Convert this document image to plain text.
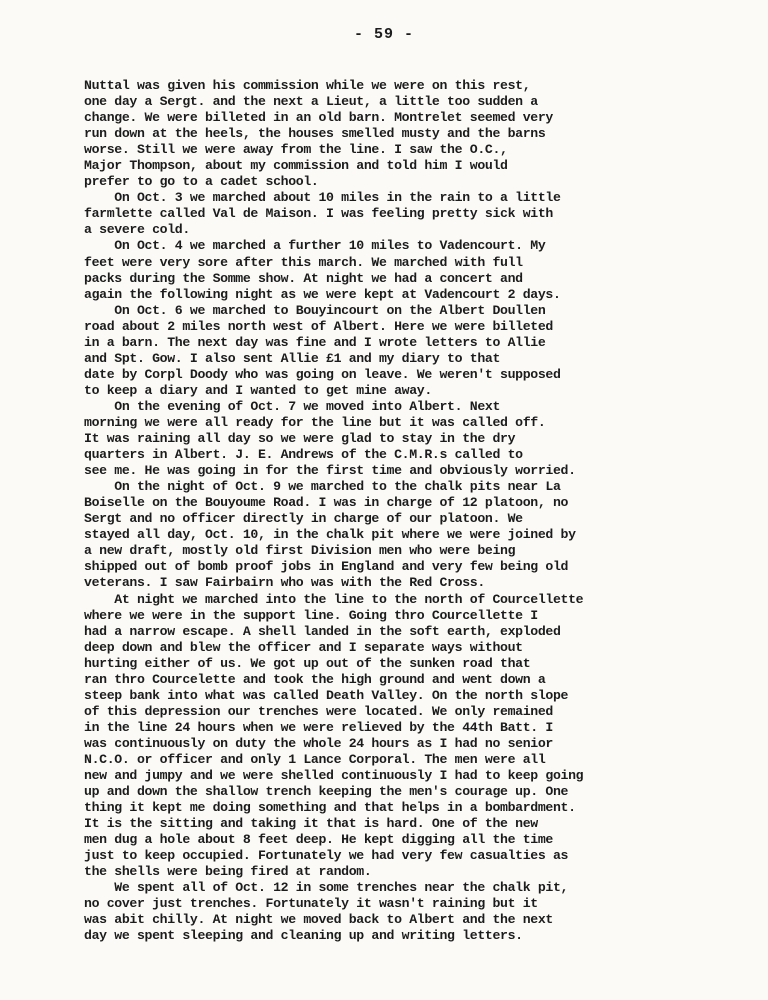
- 59 -
Nuttal was given his commission while we were on this rest,
one day a Sergt. and the next a Lieut, a little too sudden a
change. We were billeted in an old barn. Montrelet seemed very
run down at the heels, the houses smelled musty and the barns
worse. Still we were away from the line. I saw the O.C.,
Major Thompson, about my commission and told him I would
prefer to go to a cadet school.
On Oct. 3 we marched about 10 miles in the rain to a little
farmlette called Val de Maison. I was feeling pretty sick with
a severe cold.
On Oct. 4 we marched a further 10 miles to Vadencourt. My
feet were very sore after this march. We marched with full
packs during the Somme show. At night we had a concert and
again the following night as we were kept at Vadencourt 2 days.
On Oct. 6 we marched to Bouyincourt on the Albert Doullen
road about 2 miles north west of Albert. Here we were billeted
in a barn. The next day was fine and I wrote letters to Allie
and Spt. Gow. I also sent Allie £1 and my diary to that
date by Corpl Doody who was going on leave. We weren't supposed
to keep a diary and I wanted to get mine away.
On the evening of Oct. 7 we moved into Albert. Next
morning we were all ready for the line but it was called off.
It was raining all day so we were glad to stay in the dry
quarters in Albert. J. E. Andrews of the C.M.R.s called to
see me. He was going in for the first time and obviously worried.
On the night of Oct. 9 we marched to the chalk pits near La
Boiselle on the Bouyoume Road. I was in charge of 12 platoon, no
Sergt and no officer directly in charge of our platoon. We
stayed all day, Oct. 10, in the chalk pit where we were joined by
a new draft, mostly old first Division men who were being
shipped out of bomb proof jobs in England and very few being old
veterans. I saw Fairbairn who was with the Red Cross.
At night we marched into the line to the north of Courcellette
where we were in the support line. Going thro Courcellette I
had a narrow escape. A shell landed in the soft earth, exploded
deep down and blew the officer and I separate ways without
hurting either of us. We got up out of the sunken road that
ran thro Courcelette and took the high ground and went down a
steep bank into what was called Death Valley. On the north slope
of this depression our trenches were located. We only remained
in the line 24 hours when we were relieved by the 44th Batt. I
was continuously on duty the whole 24 hours as I had no senior
N.C.O. or officer and only 1 Lance Corporal. The men were all
new and jumpy and we were shelled continuously I had to keep going
up and down the shallow trench keeping the men's courage up. One
thing it kept me doing something and that helps in a bombardment.
It is the sitting and taking it that is hard. One of the new
men dug a hole about 8 feet deep. He kept digging all the time
just to keep occupied. Fortunately we had very few casualties as
the shells were being fired at random.
We spent all of Oct. 12 in some trenches near the chalk pit,
no cover just trenches. Fortunately it wasn't raining but it
was abit chilly. At night we moved back to Albert and the next
day we spent sleeping and cleaning up and writing letters.
